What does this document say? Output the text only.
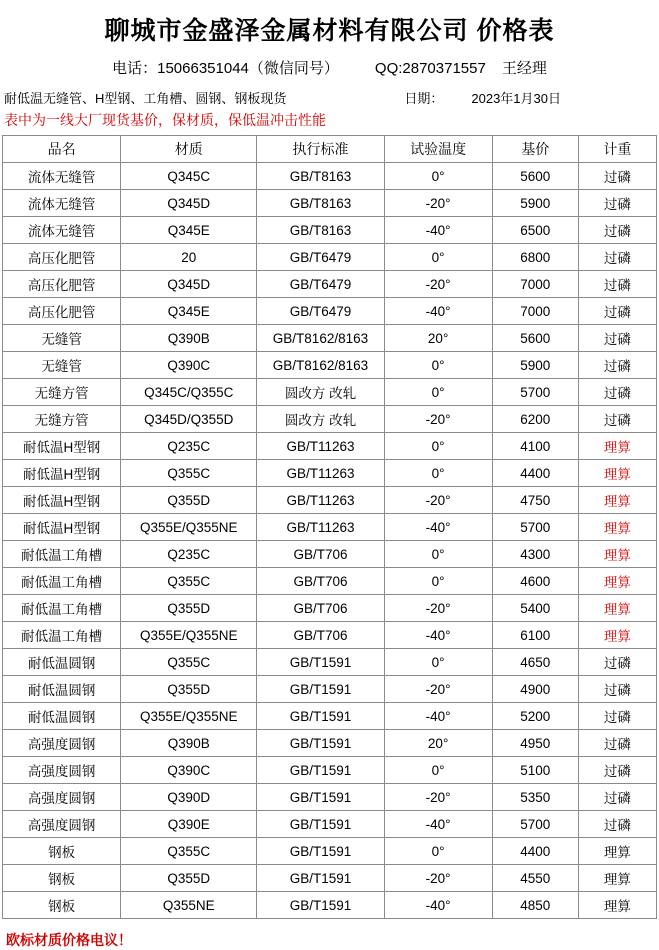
聊城市金盛泽金属材料有限公司 价格表
电话：15066351044（微信同号） QQ:2870371557 王经理
耐低温无缝管、H型钢、工角槽、圆钢、钢板现货	日期： 2023年1月30日
表中为一线大厂现货基价，保材质，保低温冲击性能
品名	材质	执行标准	试验温度	基价	计重
流体无缝管	Q345C	GB/T8163	0°	5600	过磷
流体无缝管	Q345D	GB/T8163	-20°	5900	过磷
流体无缝管	Q345E	GB/T8163	-40°	6500	过磷
高压化肥管	20	GB/T6479	0°	6800	过磷
高压化肥管	Q345D	GB/T6479	-20°	7000	过磷
高压化肥管	Q345E	GB/T6479	-40°	7000	过磷
无缝管	Q390B	GB/T8162/8163	20°	5600	过磷
无缝管	Q390C	GB/T8162/8163	0°	5900	过磷
无缝方管	Q345C/Q355C	圆改方 改轧	0°	5700	过磷
无缝方管	Q345D/Q355D	圆改方 改轧	-20°	6200	过磷
耐低温H型钢	Q235C	GB/T11263	0°	4100	理算
耐低温H型钢	Q355C	GB/T11263	0°	4400	理算
耐低温H型钢	Q355D	GB/T11263	-20°	4750	理算
耐低温H型钢	Q355E/Q355NE	GB/T11263	-40°	5700	理算
耐低温工角槽	Q235C	GB/T706	0°	4300	理算
耐低温工角槽	Q355C	GB/T706	0°	4600	理算
耐低温工角槽	Q355D	GB/T706	-20°	5400	理算
耐低温工角槽	Q355E/Q355NE	GB/T706	-40°	6100	理算
耐低温圆钢	Q355C	GB/T1591	0°	4650	过磷
耐低温圆钢	Q355D	GB/T1591	-20°	4900	过磷
耐低温圆钢	Q355E/Q355NE	GB/T1591	-40°	5200	过磷
高强度圆钢	Q390B	GB/T1591	20°	4950	过磷
高强度圆钢	Q390C	GB/T1591	0°	5100	过磷
高强度圆钢	Q390D	GB/T1591	-20°	5350	过磷
高强度圆钢	Q390E	GB/T1591	-40°	5700	过磷
钢板	Q355C	GB/T1591	0°	4400	理算
钢板	Q355D	GB/T1591	-20°	4550	理算
钢板	Q355NE	GB/T1591	-40°	4850	理算
欧标材质价格电议！
